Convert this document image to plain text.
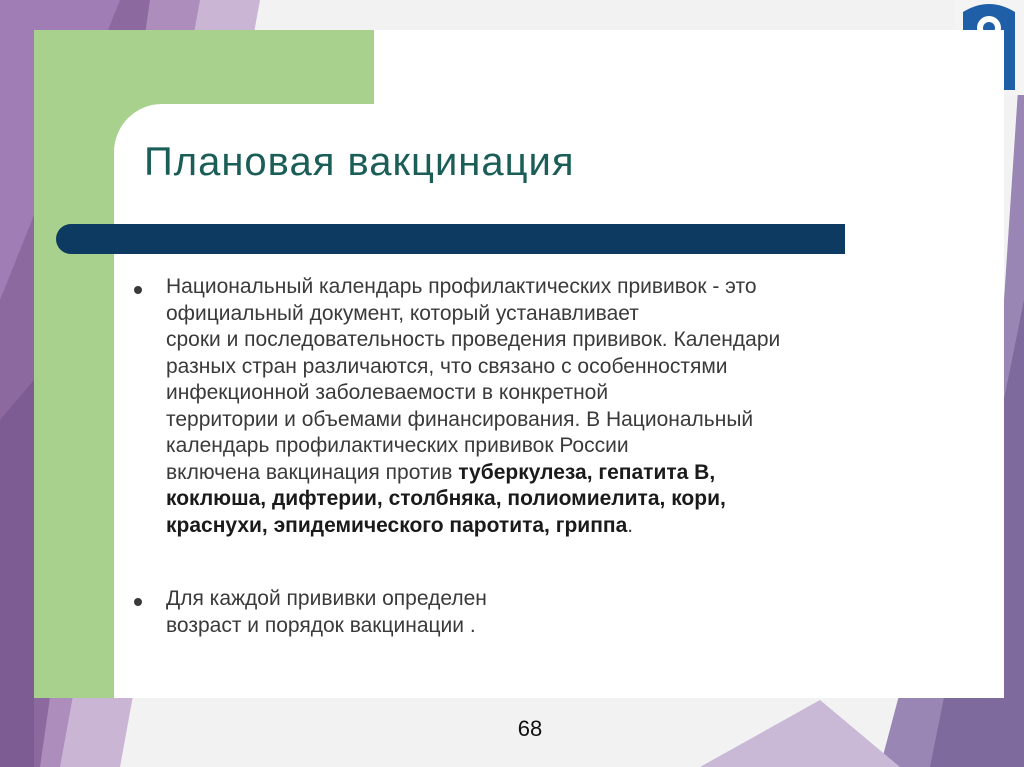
Плановая вакцинация
Национальный календарь профилактических прививок - это
официальный документ, который устанавливает
сроки и последовательность проведения прививок. Календари
разных стран различаются, что связано с особенностями
инфекционной заболеваемости в конкретной
территории и объемами финансирования. В Национальный
календарь профилактических прививок России
включена вакцинация против туберкулеза, гепатита В,
коклюша, дифтерии, столбняка, полиомиелита, кори,
краснухи, эпидемического паротита, гриппа.
Для каждой прививки определен
возраст и порядок вакцинации .
68
